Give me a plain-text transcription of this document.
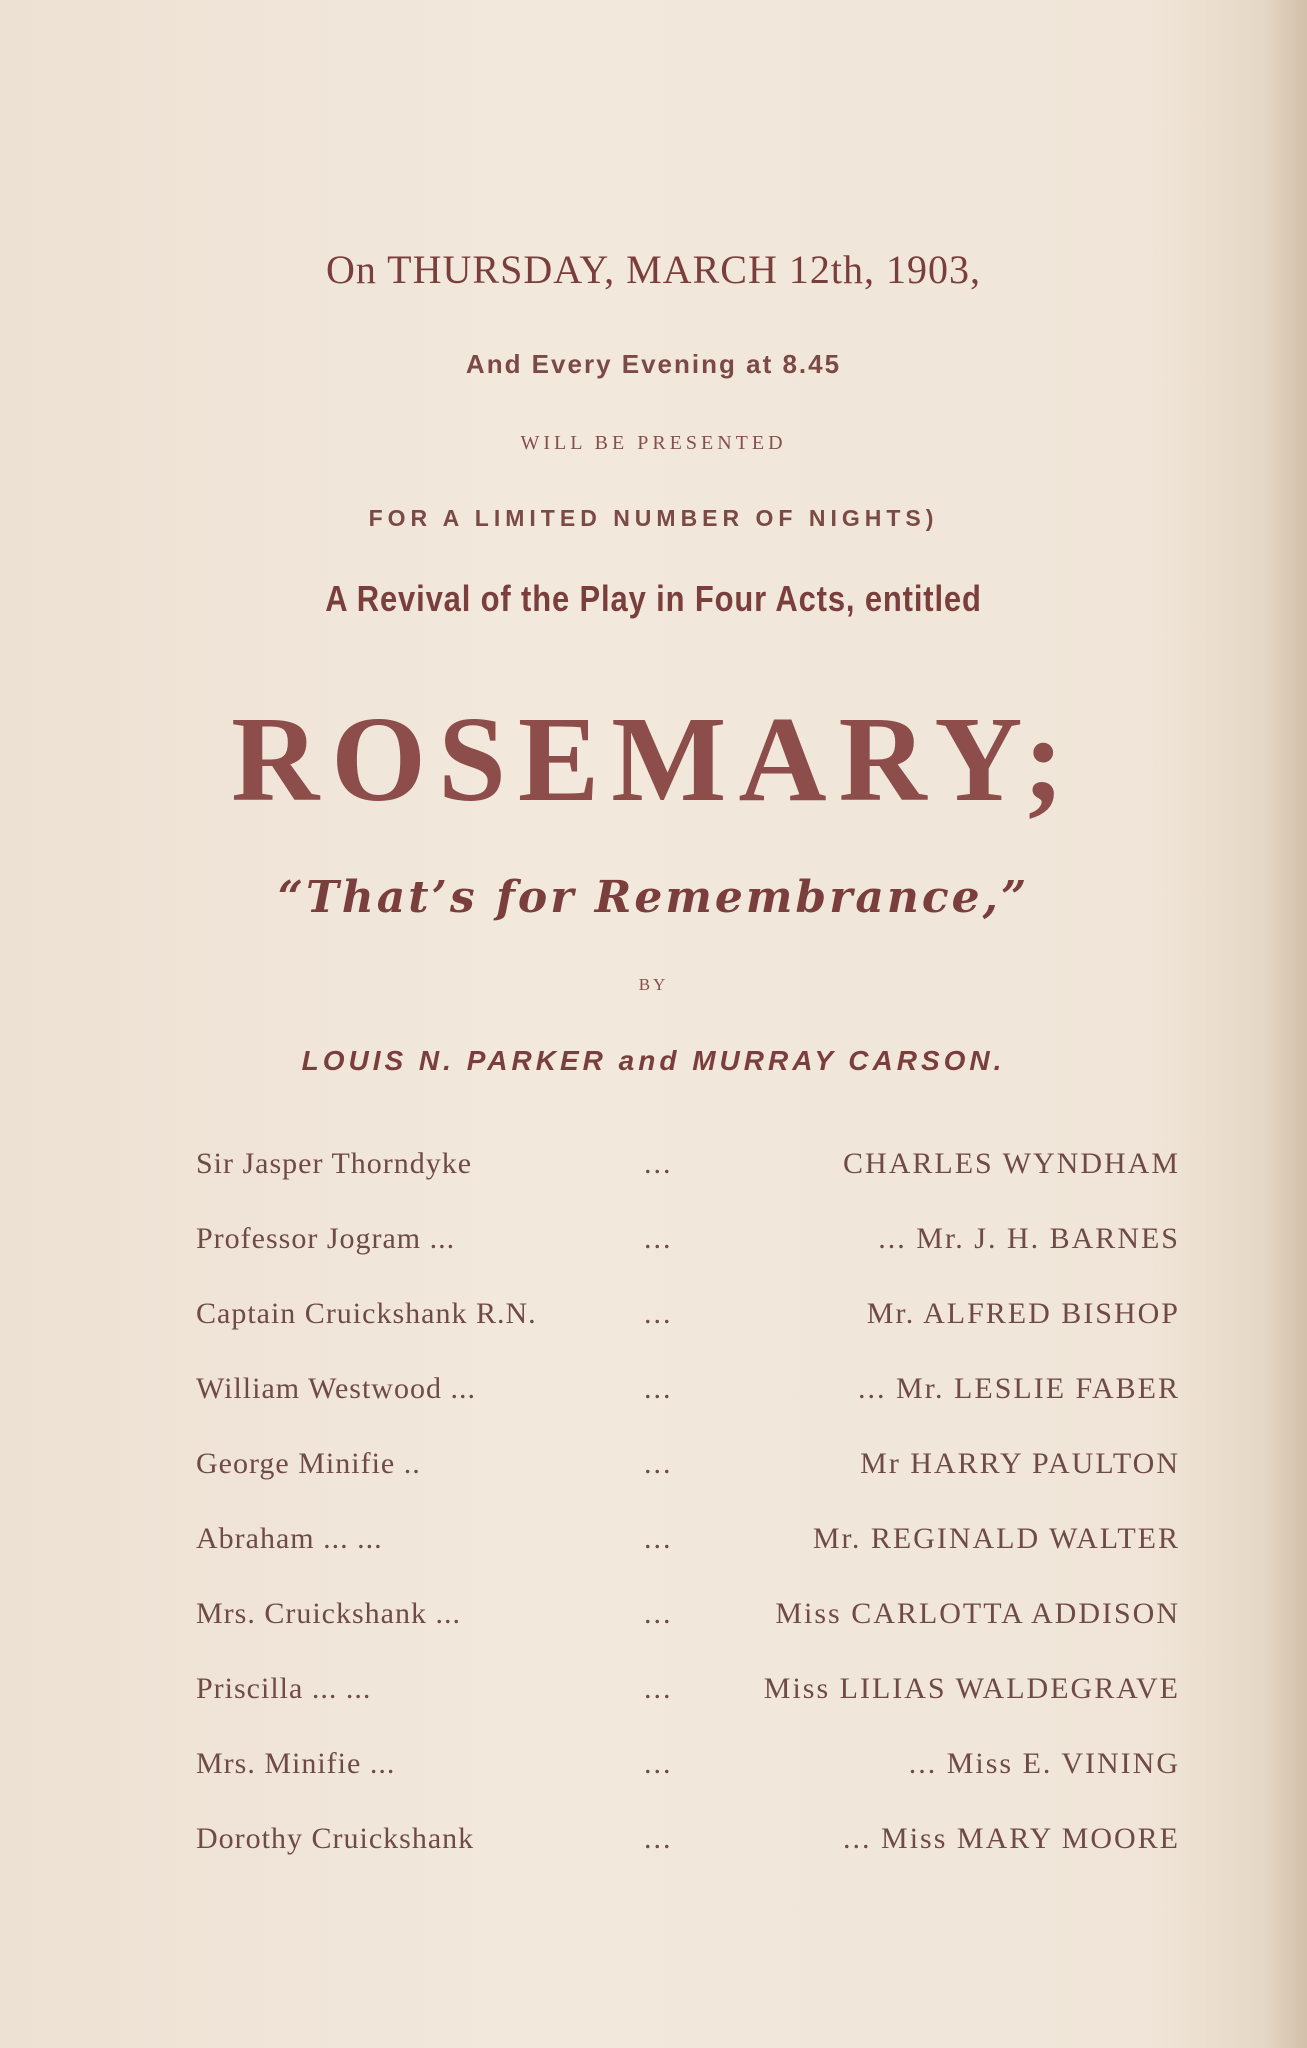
On THURSDAY, MARCH 12th, 1903,
And Every Evening at 8.45
WILL BE PRESENTED
FOR A LIMITED NUMBER OF NIGHTS)
A Revival of the Play in Four Acts, entitled
ROSEMARY;
“That’s for Remembrance,”
BY
LOUIS N. PARKER and MURRAY CARSON.
Sir Jasper Thorndyke	...	CHARLES WYNDHAM
Professor Jogram ...	...	... Mr. J. H. BARNES
Captain Cruickshank R.N.	...	Mr. ALFRED BISHOP
William Westwood ...	...	... Mr. LESLIE FABER
George Minifie ..	...	Mr HARRY PAULTON
Abraham ... ...	...	Mr. REGINALD WALTER
Mrs. Cruickshank ...	...	Miss CARLOTTA ADDISON
Priscilla ... ...	...	Miss LILIAS WALDEGRAVE
Mrs. Minifie ...	...	... Miss E. VINING
Dorothy Cruickshank	...	... Miss MARY MOORE
